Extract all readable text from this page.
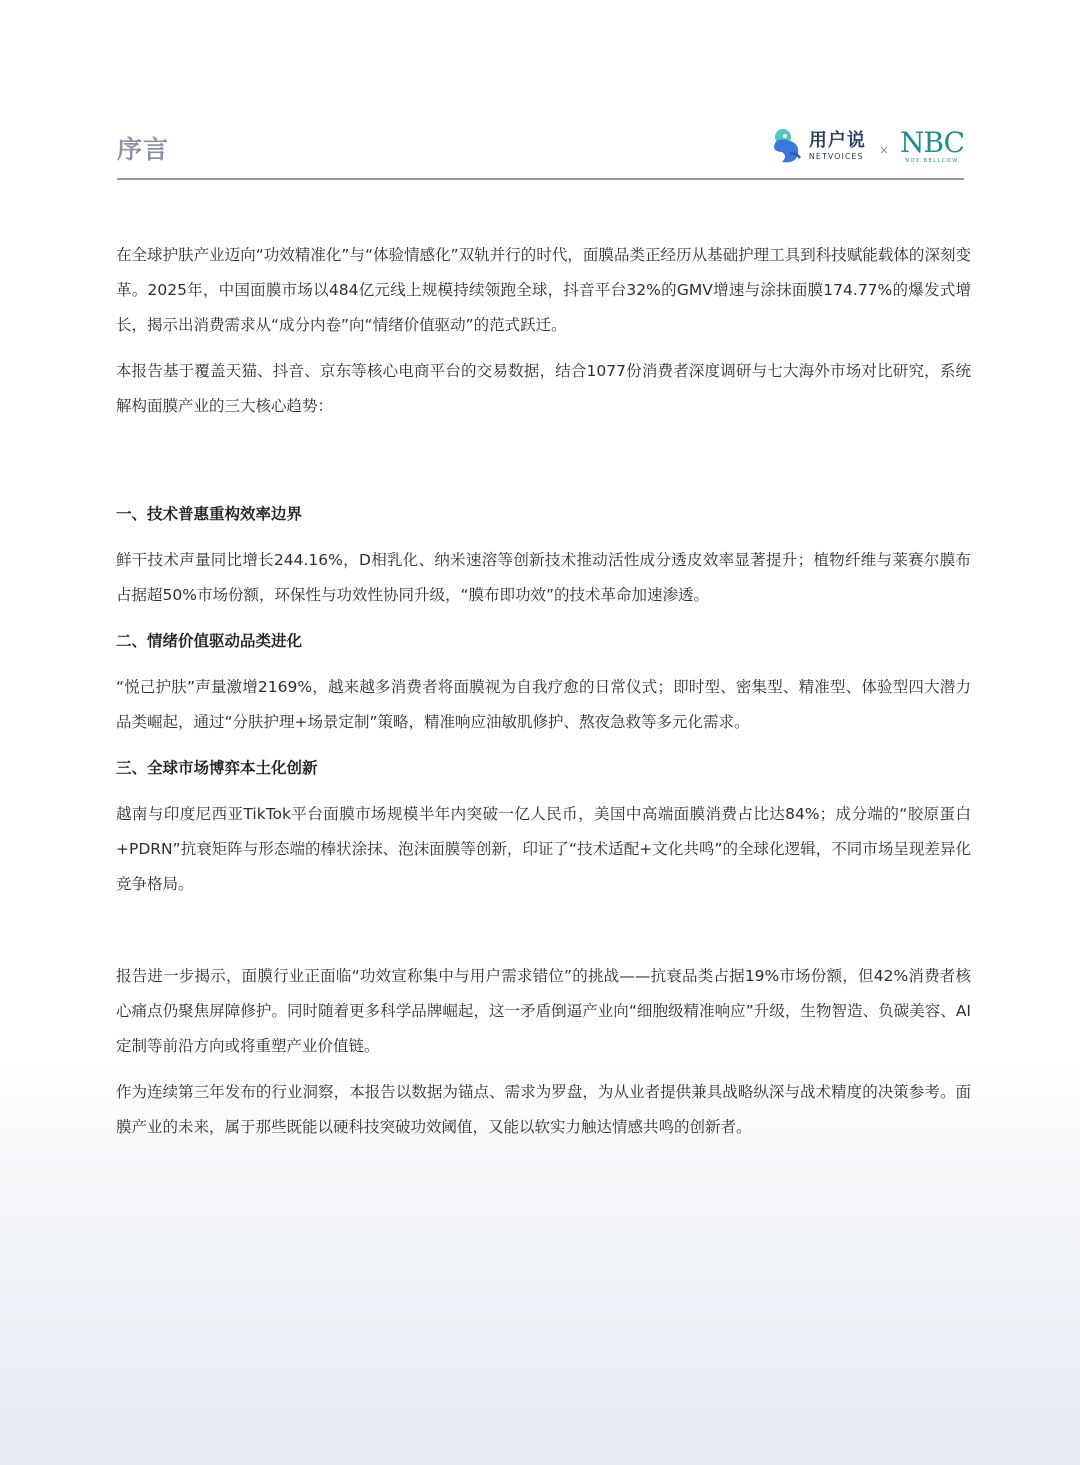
序言	用户说
NETVOICES × NBC
NOX BELLCOW

在全球护肤产业迈向“功效精准化”与“体验情感化”双轨并行的时代，面膜品类正经历从基础护理工具到科技赋能载体的深刻变革。2025年，中国面膜市场以484亿元线上规模持续领跑全球，抖音平台32%的GMV增速与涂抹面膜174.77%的爆发式增长，揭示出消费需求从“成分内卷”向“情绪价值驱动”的范式跃迁。

本报告基于覆盖天猫、抖音、京东等核心电商平台的交易数据，结合1077份消费者深度调研与七大海外市场对比研究，系统解构面膜产业的三大核心趋势：

一、技术普惠重构效率边界

鲜干技术声量同比增长244.16%，D相乳化、纳米速溶等创新技术推动活性成分透皮效率显著提升；植物纤维与莱赛尔膜布占据超50%市场份额，环保性与功效性协同升级，“膜布即功效”的技术革命加速渗透。

二、情绪价值驱动品类进化

“悦己护肤”声量激增2169%，越来越多消费者将面膜视为自我疗愈的日常仪式；即时型、密集型、精准型、体验型四大潜力品类崛起，通过“分肤护理+场景定制”策略，精准响应油敏肌修护、熬夜急救等多元化需求。

三、全球市场博弈本土化创新

越南与印度尼西亚TikTok平台面膜市场规模半年内突破一亿人民币，美国中高端面膜消费占比达84%；成分端的“胶原蛋白+PDRN”抗衰矩阵与形态端的棒状涂抹、泡沫面膜等创新，印证了“技术适配+文化共鸣”的全球化逻辑，不同市场呈现差异化竞争格局。

报告进一步揭示，面膜行业正面临“功效宣称集中与用户需求错位”的挑战——抗衰品类占据19%市场份额，但42%消费者核心痛点仍聚焦屏障修护。同时随着更多科学品牌崛起，这一矛盾倒逼产业向“细胞级精准响应”升级，生物智造、负碳美容、AI定制等前沿方向或将重塑产业价值链。

作为连续第三年发布的行业洞察，本报告以数据为锚点、需求为罗盘，为从业者提供兼具战略纵深与战术精度的决策参考。面膜产业的未来，属于那些既能以硬科技突破功效阈值，又能以软实力触达情感共鸣的创新者。
